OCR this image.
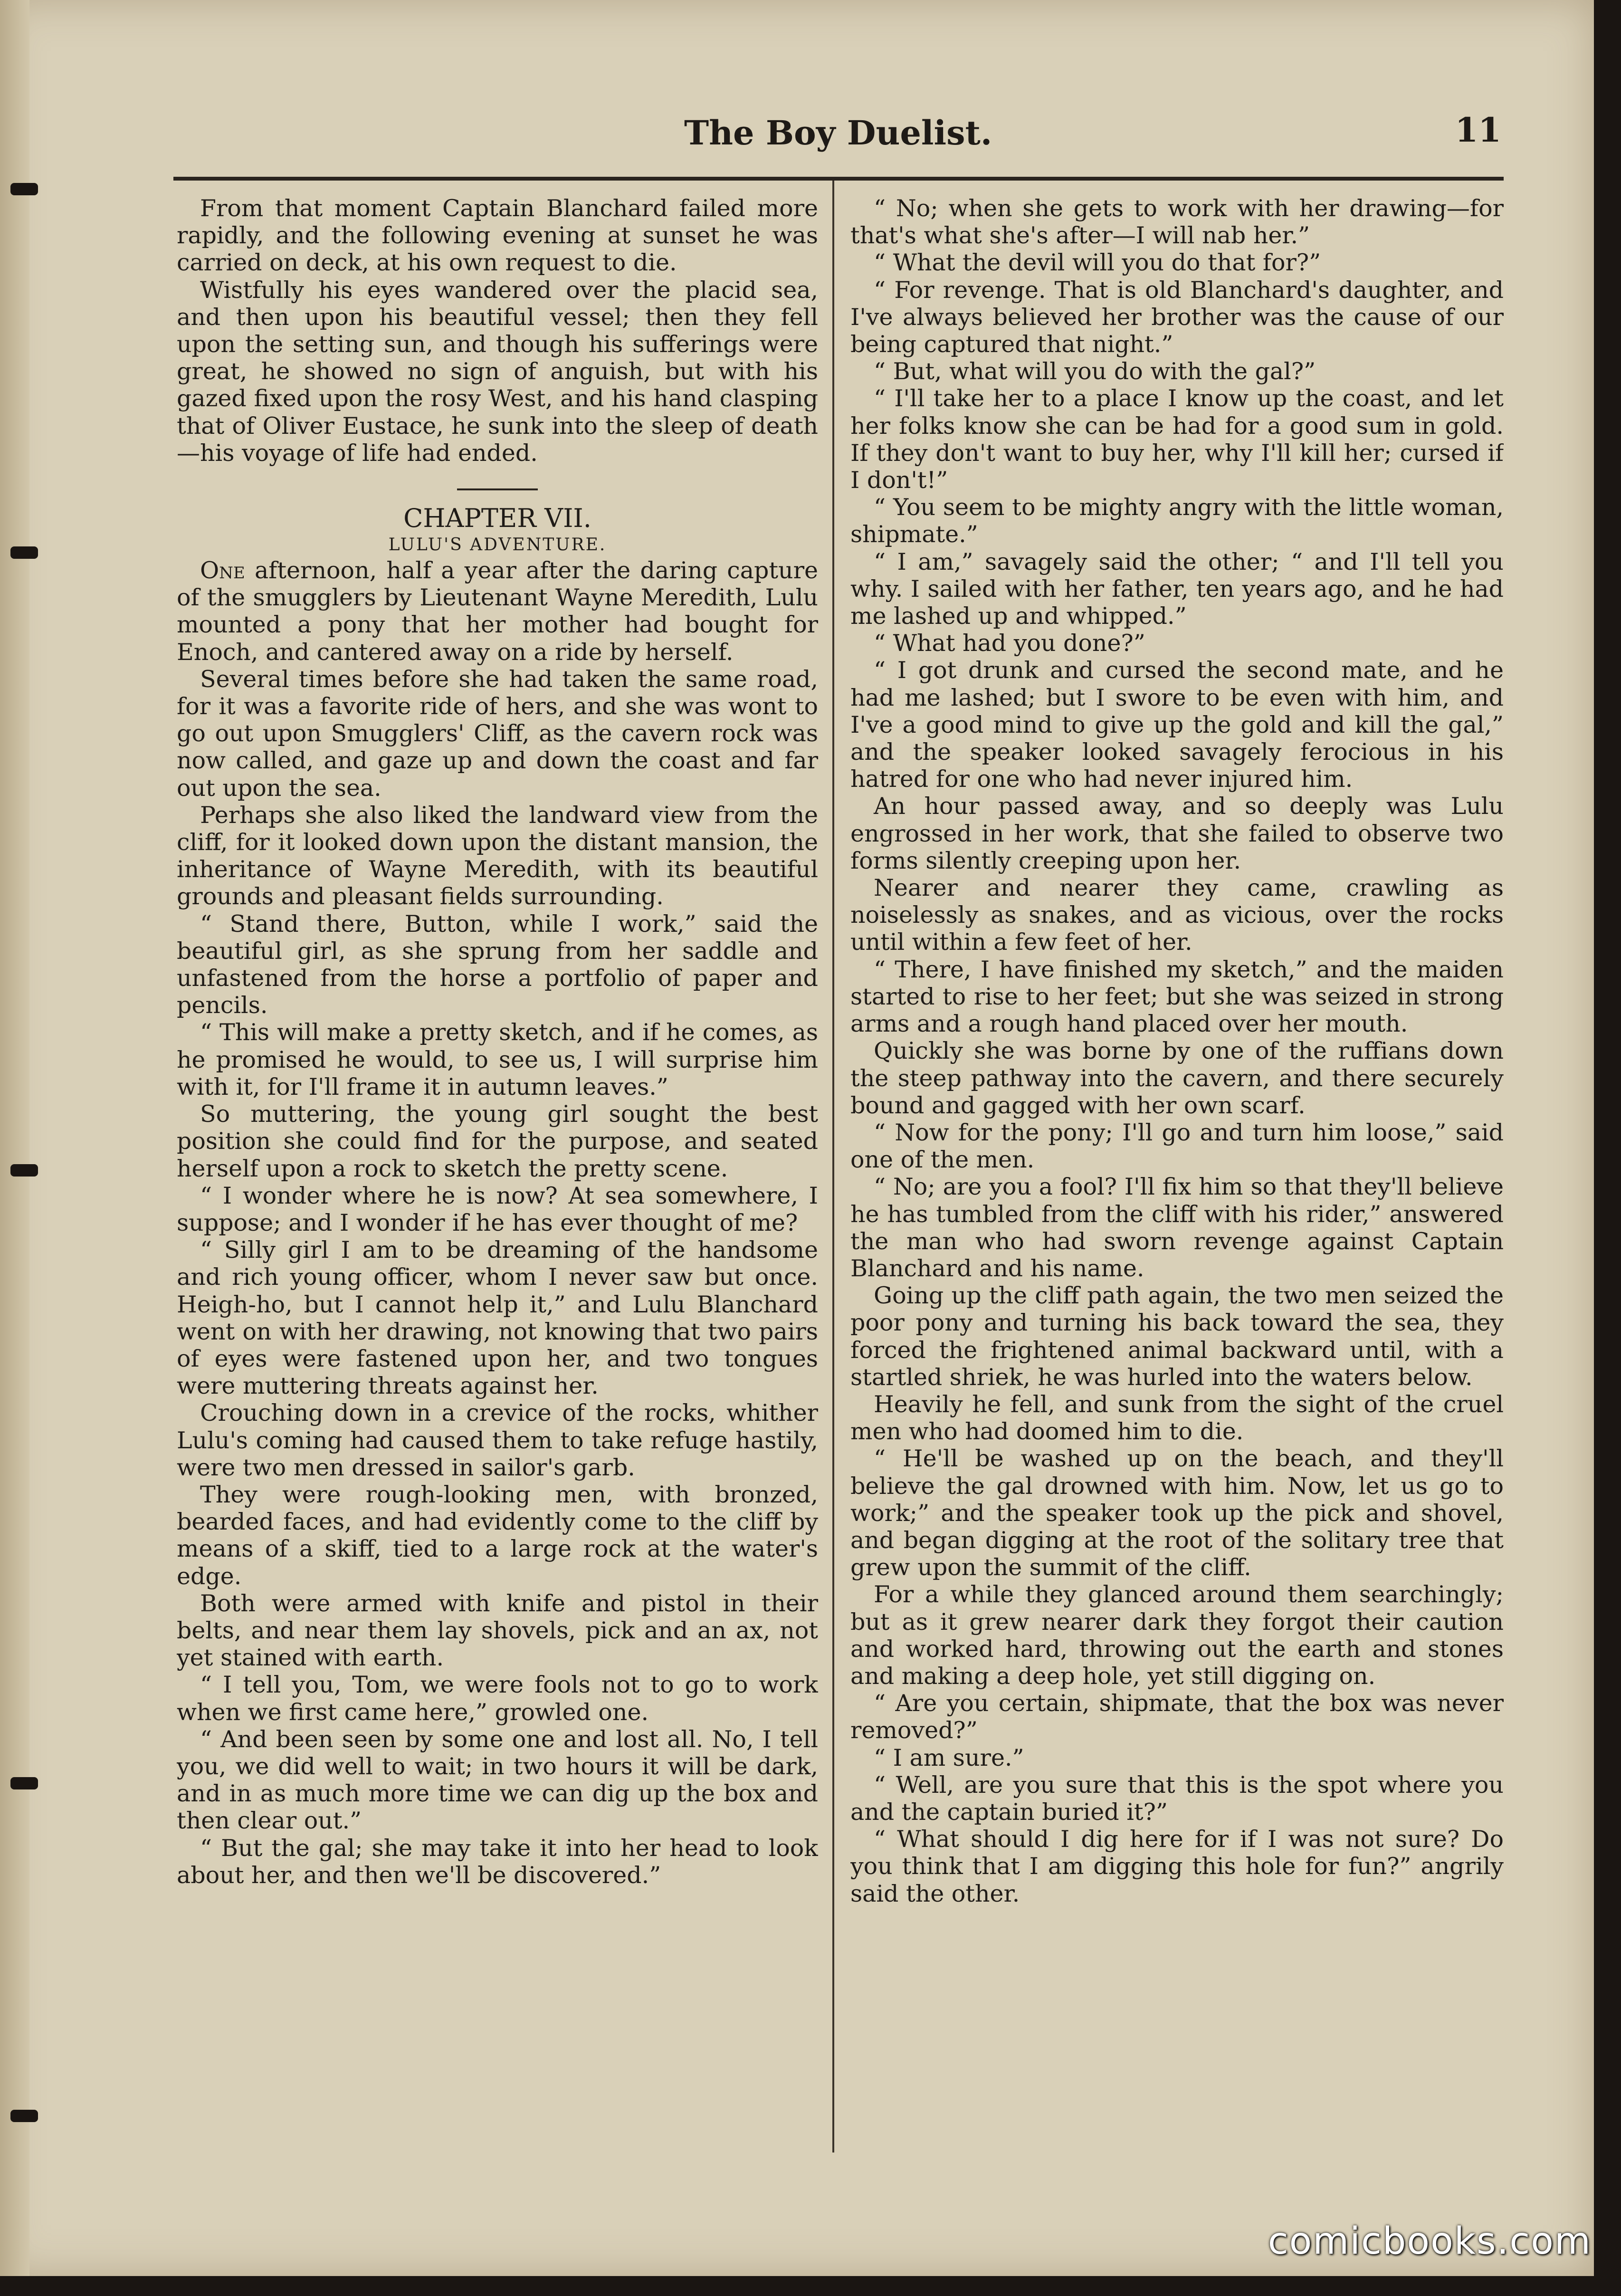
The Boy Duelist.	11

From that moment Captain Blanchard failed more rapidly, and the following evening at sunset he was carried on deck, at his own request to die.

Wistfully his eyes wandered over the placid sea, and then upon his beautiful vessel; then they fell upon the setting sun, and though his sufferings were great, he showed no sign of anguish, but with his gazed fixed upon the rosy West, and his hand clasping that of Oliver Eustace, he sunk into the sleep of death—his voyage of life had ended.

CHAPTER VII.

LULU'S ADVENTURE.

One afternoon, half a year after the daring capture of the smugglers by Lieutenant Wayne Meredith, Lulu mounted a pony that her mother had bought for Enoch, and cantered away on a ride by herself.

Several times before she had taken the same road, for it was a favorite ride of hers, and she was wont to go out upon Smugglers' Cliff, as the cavern rock was now called, and gaze up and down the coast and far out upon the sea.

Perhaps she also liked the landward view from the cliff, for it looked down upon the distant mansion, the inheritance of Wayne Meredith, with its beautiful grounds and pleasant fields surrounding.

“ Stand there, Button, while I work,” said the beautiful girl, as she sprung from her saddle and unfastened from the horse a portfolio of paper and pencils.

“ This will make a pretty sketch, and if he comes, as he promised he would, to see us, I will surprise him with it, for I'll frame it in autumn leaves.”

So muttering, the young girl sought the best position she could find for the purpose, and seated herself upon a rock to sketch the pretty scene.

“ I wonder where he is now? At sea somewhere, I suppose; and I wonder if he has ever thought of me?

“ Silly girl I am to be dreaming of the handsome and rich young officer, whom I never saw but once. Heigh-ho, but I cannot help it,” and Lulu Blanchard went on with her drawing, not knowing that two pairs of eyes were fastened upon her, and two tongues were muttering threats against her.

Crouching down in a crevice of the rocks, whither Lulu's coming had caused them to take refuge hastily, were two men dressed in sailor's garb.

They were rough-looking men, with bronzed, bearded faces, and had evidently come to the cliff by means of a skiff, tied to a large rock at the water's edge.

Both were armed with knife and pistol in their belts, and near them lay shovels, pick and an ax, not yet stained with earth.

“ I tell you, Tom, we were fools not to go to work when we first came here,” growled one.

“ And been seen by some one and lost all. No, I tell you, we did well to wait; in two hours it will be dark, and in as much more time we can dig up the box and then clear out.”

“ But the gal; she may take it into her head to look about her, and then we'll be discovered.”

“ No; when she gets to work with her drawing—for that's what she's after—I will nab her.”

“ What the devil will you do that for?”

“ For revenge. That is old Blanchard's daughter, and I've always believed her brother was the cause of our being captured that night.”

“ But, what will you do with the gal?”

“ I'll take her to a place I know up the coast, and let her folks know she can be had for a good sum in gold. If they don't want to buy her, why I'll kill her; cursed if I don't!”

“ You seem to be mighty angry with the little woman, shipmate.”

“ I am,” savagely said the other; “ and I'll tell you why. I sailed with her father, ten years ago, and he had me lashed up and whipped.”

“ What had you done?”

“ I got drunk and cursed the second mate, and he had me lashed; but I swore to be even with him, and I've a good mind to give up the gold and kill the gal,” and the speaker looked savagely ferocious in his hatred for one who had never injured him.

An hour passed away, and so deeply was Lulu engrossed in her work, that she failed to observe two forms silently creeping upon her.

Nearer and nearer they came, crawling as noiselessly as snakes, and as vicious, over the rocks until within a few feet of her.

“ There, I have finished my sketch,” and the maiden started to rise to her feet; but she was seized in strong arms and a rough hand placed over her mouth.

Quickly she was borne by one of the ruffians down the steep pathway into the cavern, and there securely bound and gagged with her own scarf.

“ Now for the pony; I'll go and turn him loose,” said one of the men.

“ No; are you a fool? I'll fix him so that they'll believe he has tumbled from the cliff with his rider,” answered the man who had sworn revenge against Captain Blanchard and his name.

Going up the cliff path again, the two men seized the poor pony and turning his back toward the sea, they forced the frightened animal backward until, with a startled shriek, he was hurled into the waters below.

Heavily he fell, and sunk from the sight of the cruel men who had doomed him to die.

“ He'll be washed up on the beach, and they'll believe the gal drowned with him. Now, let us go to work;” and the speaker took up the pick and shovel, and began digging at the root of the solitary tree that grew upon the summit of the cliff.

For a while they glanced around them searchingly; but as it grew nearer dark they forgot their caution and worked hard, throwing out the earth and stones and making a deep hole, yet still digging on.

“ Are you certain, shipmate, that the box was never removed?”

“ I am sure.”

“ Well, are you sure that this is the spot where you and the captain buried it?”

“ What should I dig here for if I was not sure? Do you think that I am digging this hole for fun?” angrily said the other.

comicbooks.com
